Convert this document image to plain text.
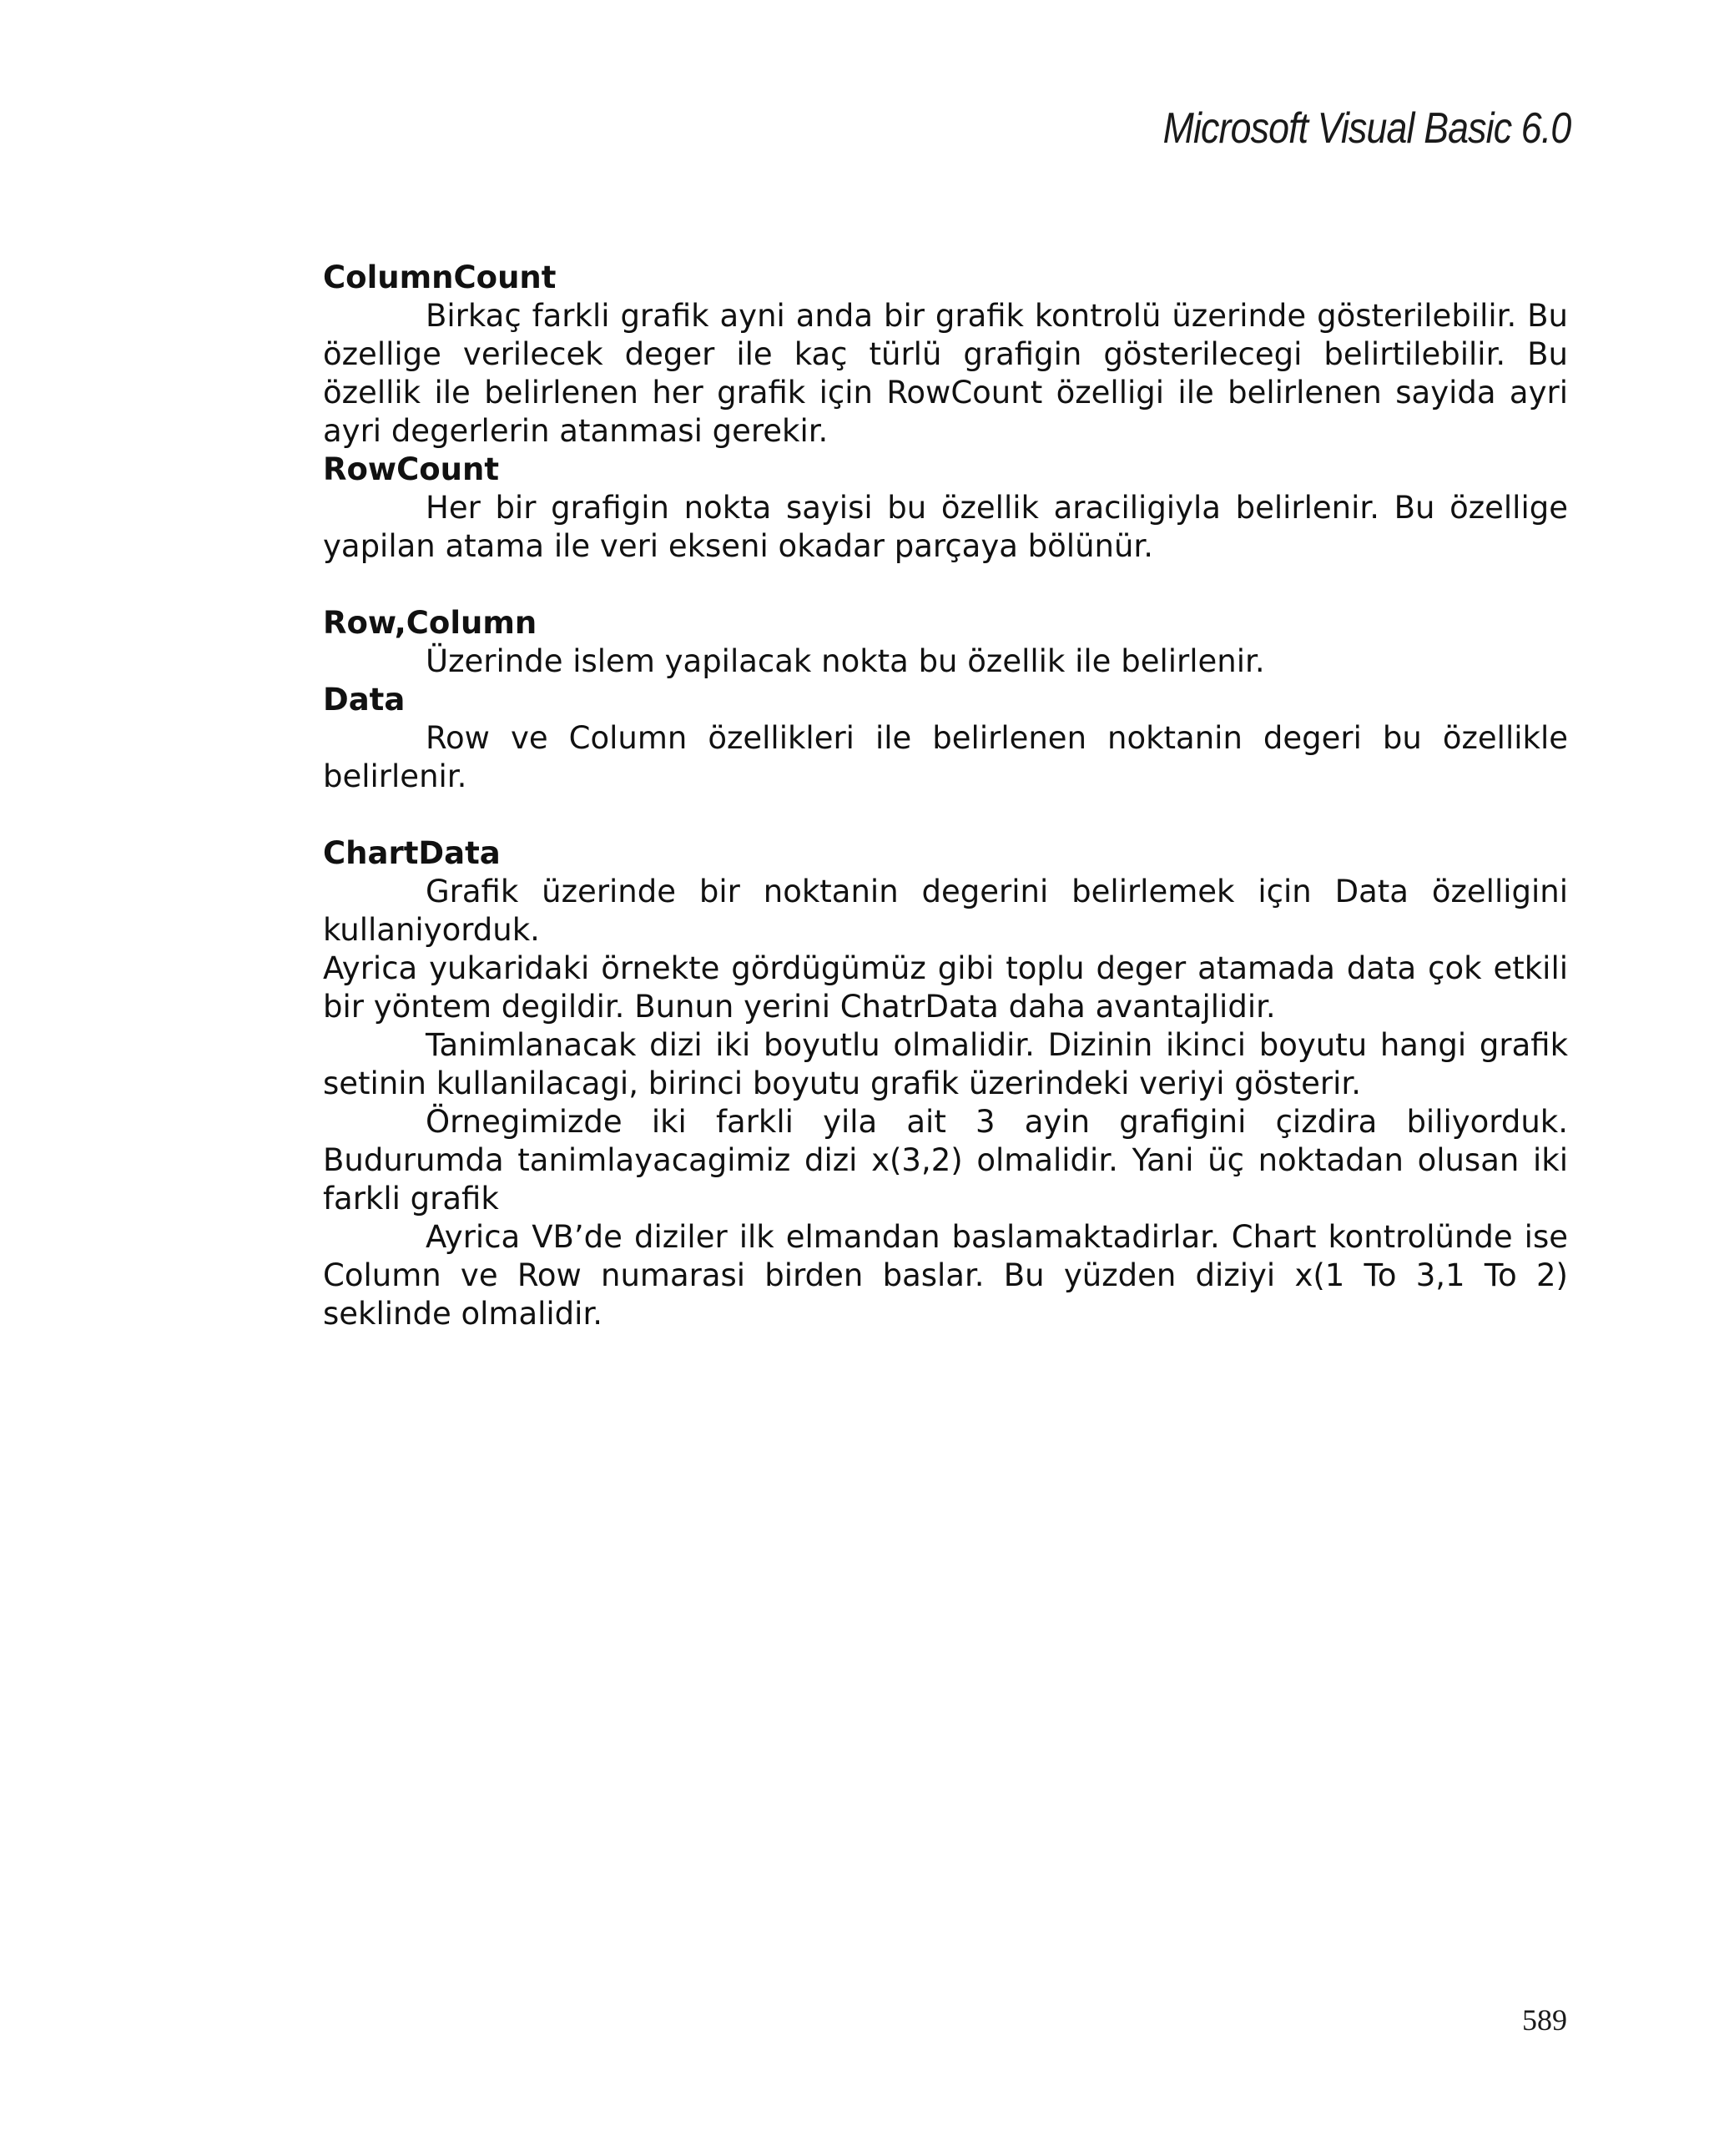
Microsoft Visual Basic 6.0

ColumnCount

Birkaç farkli grafik ayni anda bir grafik kontrolü üzerinde gösterilebilir. Bu özellige verilecek deger ile kaç türlü grafigin gösterilecegi belirtilebilir. Bu özellik ile belirlenen her grafik için RowCount özelligi ile belirlenen sayida ayri ayri degerlerin atanmasi gerekir.

RowCount

Her bir grafigin nokta sayisi bu özellik araciligiyla belirlenir. Bu özellige yapilan atama ile veri ekseni okadar parçaya bölünür.

Row,Column

Üzerinde islem yapilacak nokta bu özellik ile belirlenir.

Data

Row ve Column özellikleri ile belirlenen noktanin degeri bu özellikle belirlenir.

ChartData

Grafik üzerinde bir noktanin degerini belirlemek için Data özelligini kullaniyorduk.

Ayrica yukaridaki örnekte gördügümüz gibi toplu deger atamada data çok etkili bir yöntem degildir. Bunun yerini ChatrData daha avantajlidir.

Tanimlanacak dizi iki boyutlu olmalidir. Dizinin ikinci boyutu hangi grafik setinin kullanilacagi, birinci boyutu grafik üzerindeki veriyi gösterir.

Örnegimizde iki farkli yila ait 3 ayin grafigini çizdira biliyorduk. Budurumda tanimlayacagimiz dizi x(3,2) olmalidir. Yani üç noktadan olusan iki farkli grafik

Ayrica VB’de diziler ilk elmandan baslamaktadirlar. Chart kontrolünde ise Column ve Row numarasi birden baslar. Bu yüzden diziyi x(1 To 3,1 To 2) seklinde olmalidir.

589
